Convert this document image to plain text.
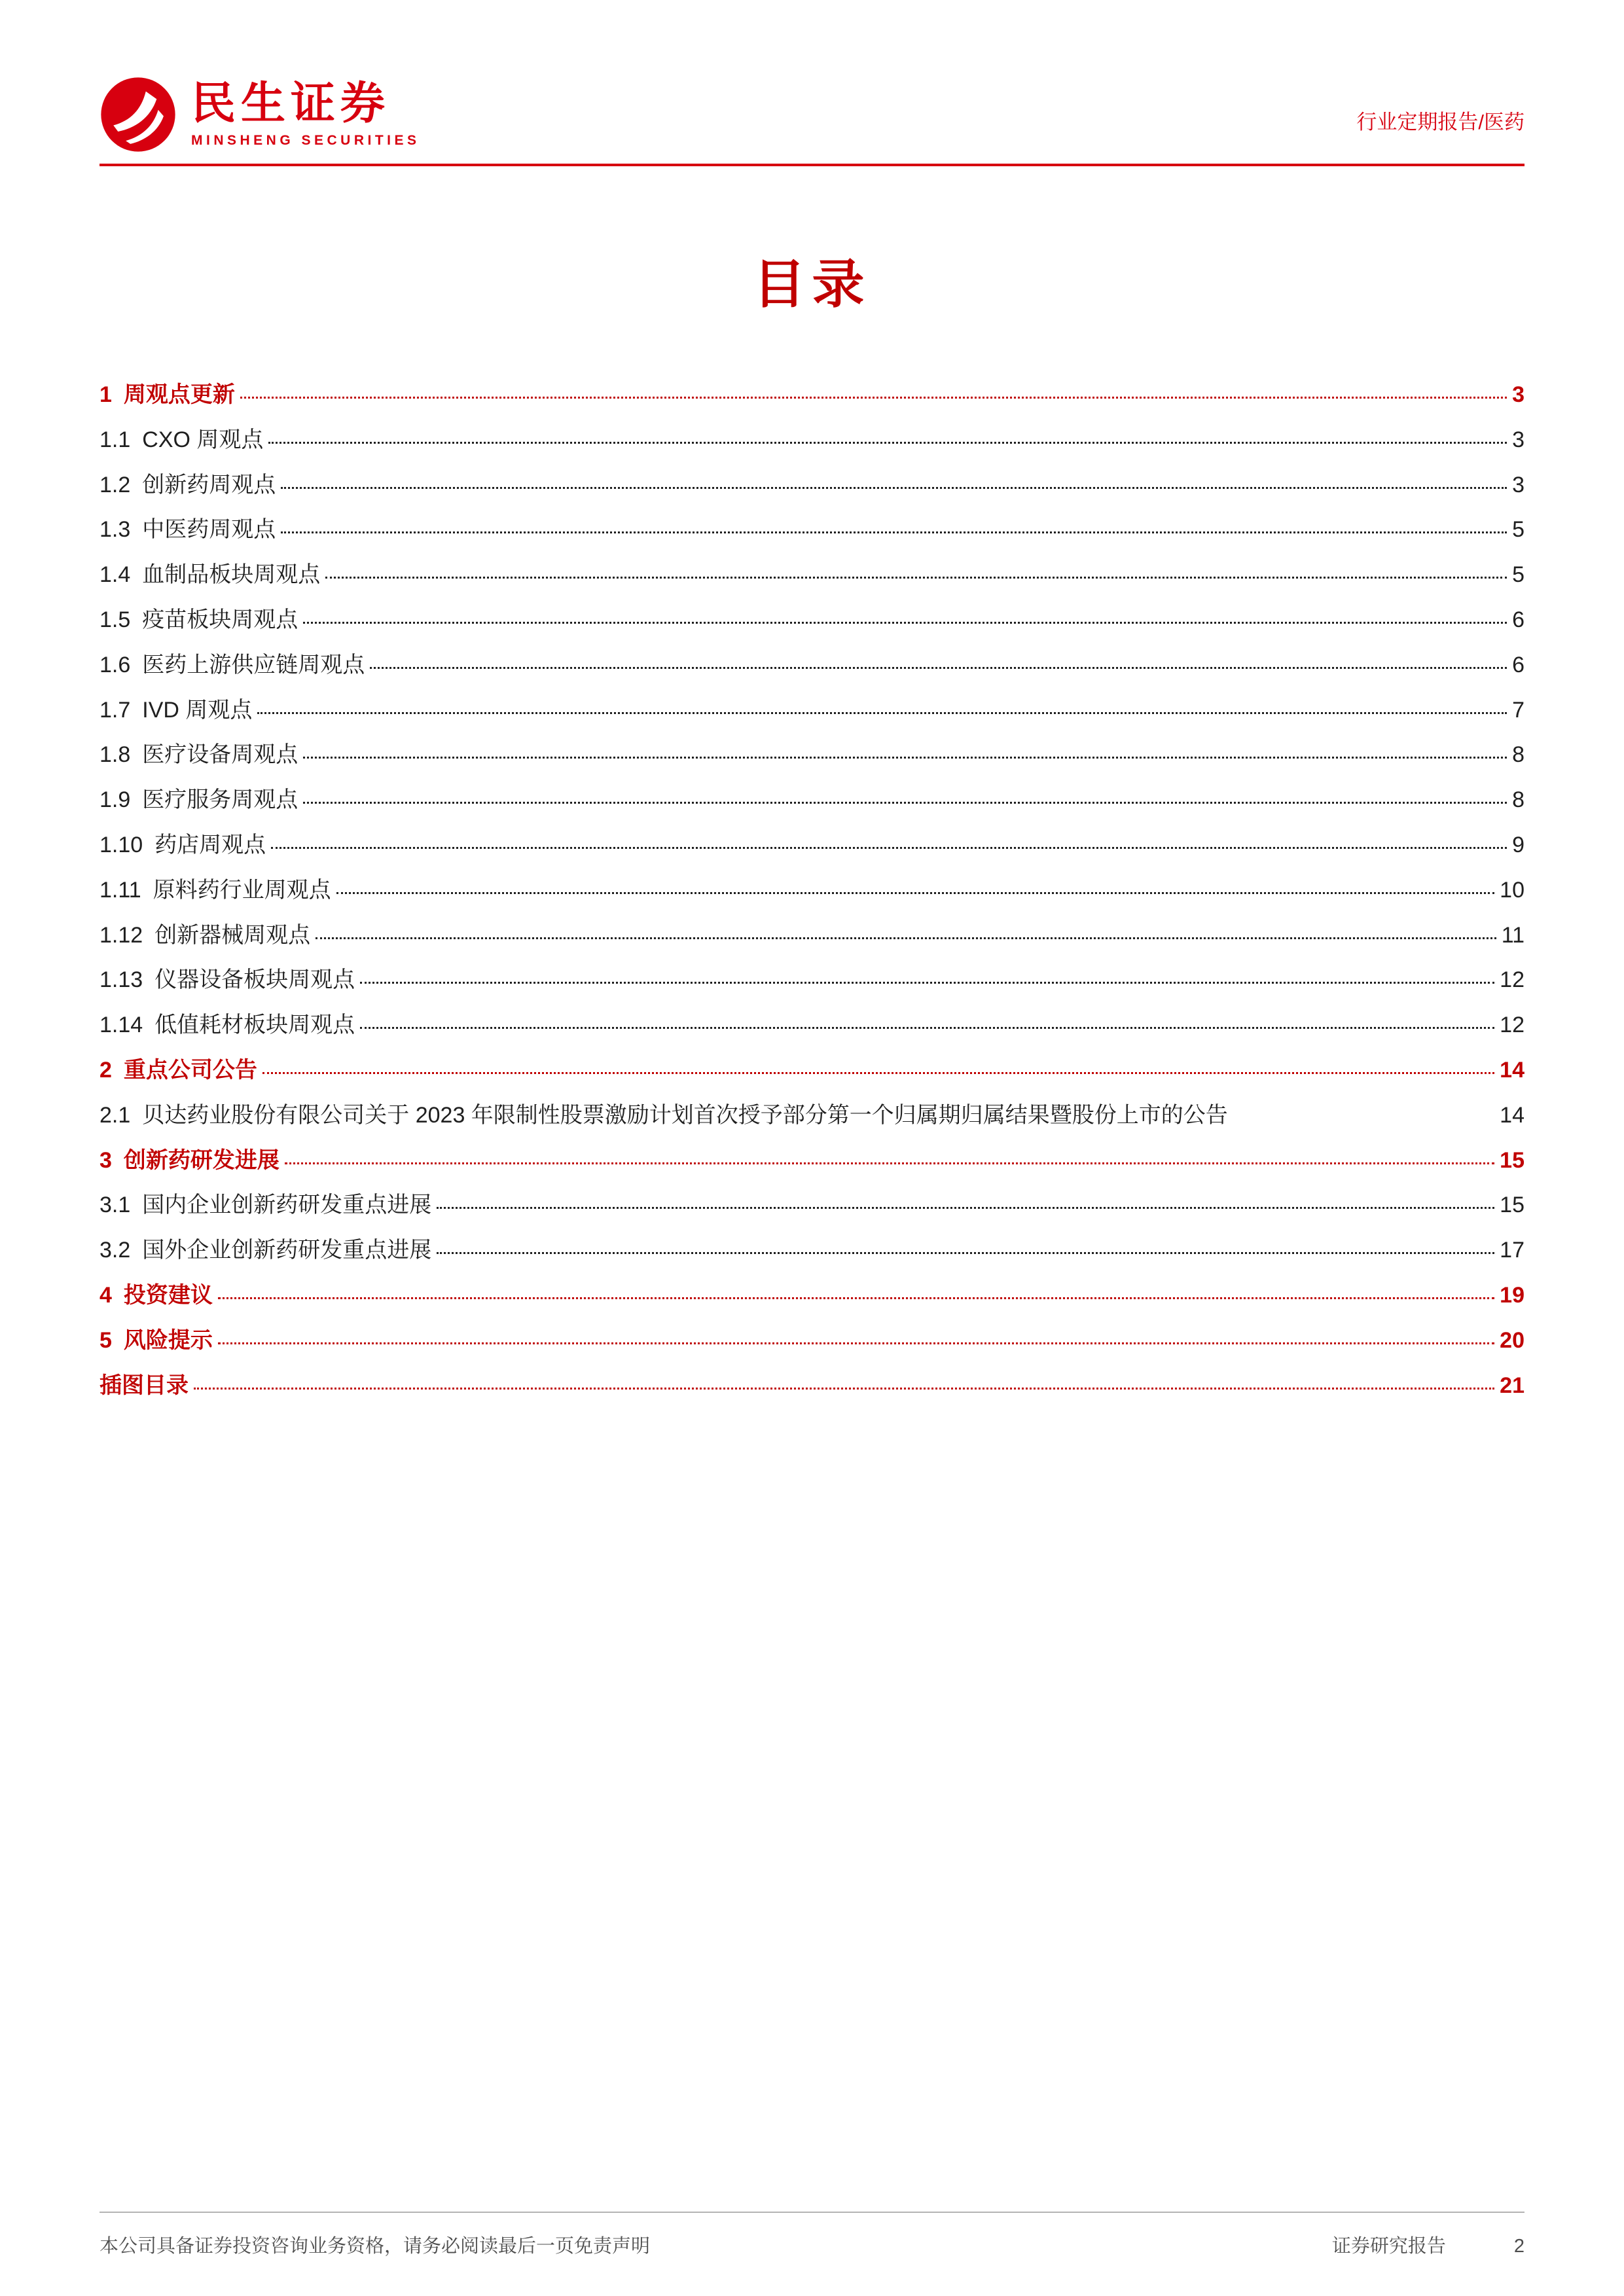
民生证券
MINSHENG SECURITIES
行业定期报告/医药
目录
1 周观点更新	3
1.1 CXO 周观点	3
1.2 创新药周观点	3
1.3 中医药周观点	5
1.4 血制品板块周观点	5
1.5 疫苗板块周观点	6
1.6 医药上游供应链周观点	6
1.7 IVD 周观点	7
1.8 医疗设备周观点	8
1.9 医疗服务周观点	8
1.10 药店周观点	9
1.11 原料药行业周观点	10
1.12 创新器械周观点	11
1.13 仪器设备板块周观点	12
1.14 低值耗材板块周观点	12
2 重点公司公告	14
2.1 贝达药业股份有限公司关于 2023 年限制性股票激励计划首次授予部分第一个归属期归属结果暨股份上市的公告	14
3 创新药研发进展	15
3.1 国内企业创新药研发重点进展	15
3.2 国外企业创新药研发重点进展	17
4 投资建议	19
5 风险提示	20
插图目录	21
本公司具备证券投资咨询业务资格，请务必阅读最后一页免责声明	证券研究报告	2
